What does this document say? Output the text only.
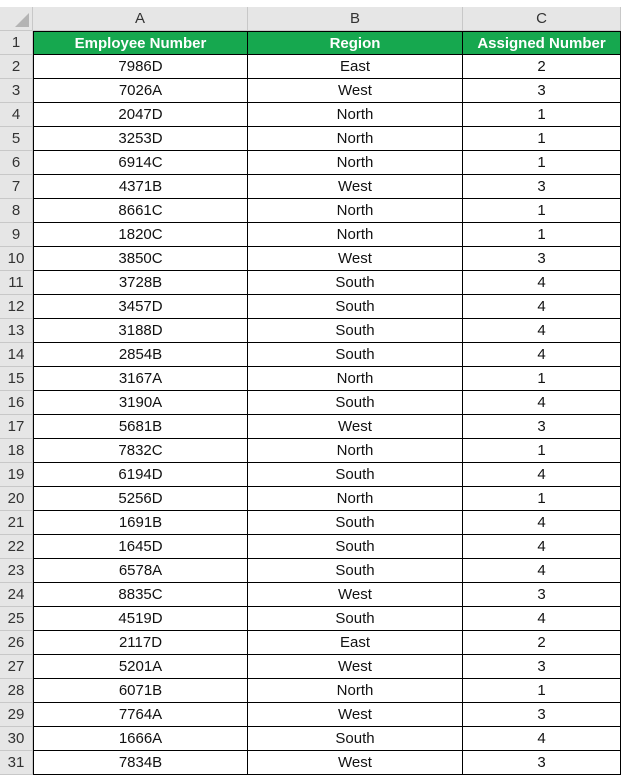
A	B	C
1	Employee Number	Region	Assigned Number
2	7986D	East	2
3	7026A	West	3
4	2047D	North	1
5	3253D	North	1
6	6914C	North	1
7	4371B	West	3
8	8661C	North	1
9	1820C	North	1
10	3850C	West	3
11	3728B	South	4
12	3457D	South	4
13	3188D	South	4
14	2854B	South	4
15	3167A	North	1
16	3190A	South	4
17	5681B	West	3
18	7832C	North	1
19	6194D	South	4
20	5256D	North	1
21	1691B	South	4
22	1645D	South	4
23	6578A	South	4
24	8835C	West	3
25	4519D	South	4
26	2117D	East	2
27	5201A	West	3
28	6071B	North	1
29	7764A	West	3
30	1666A	South	4
31	7834B	West	3
